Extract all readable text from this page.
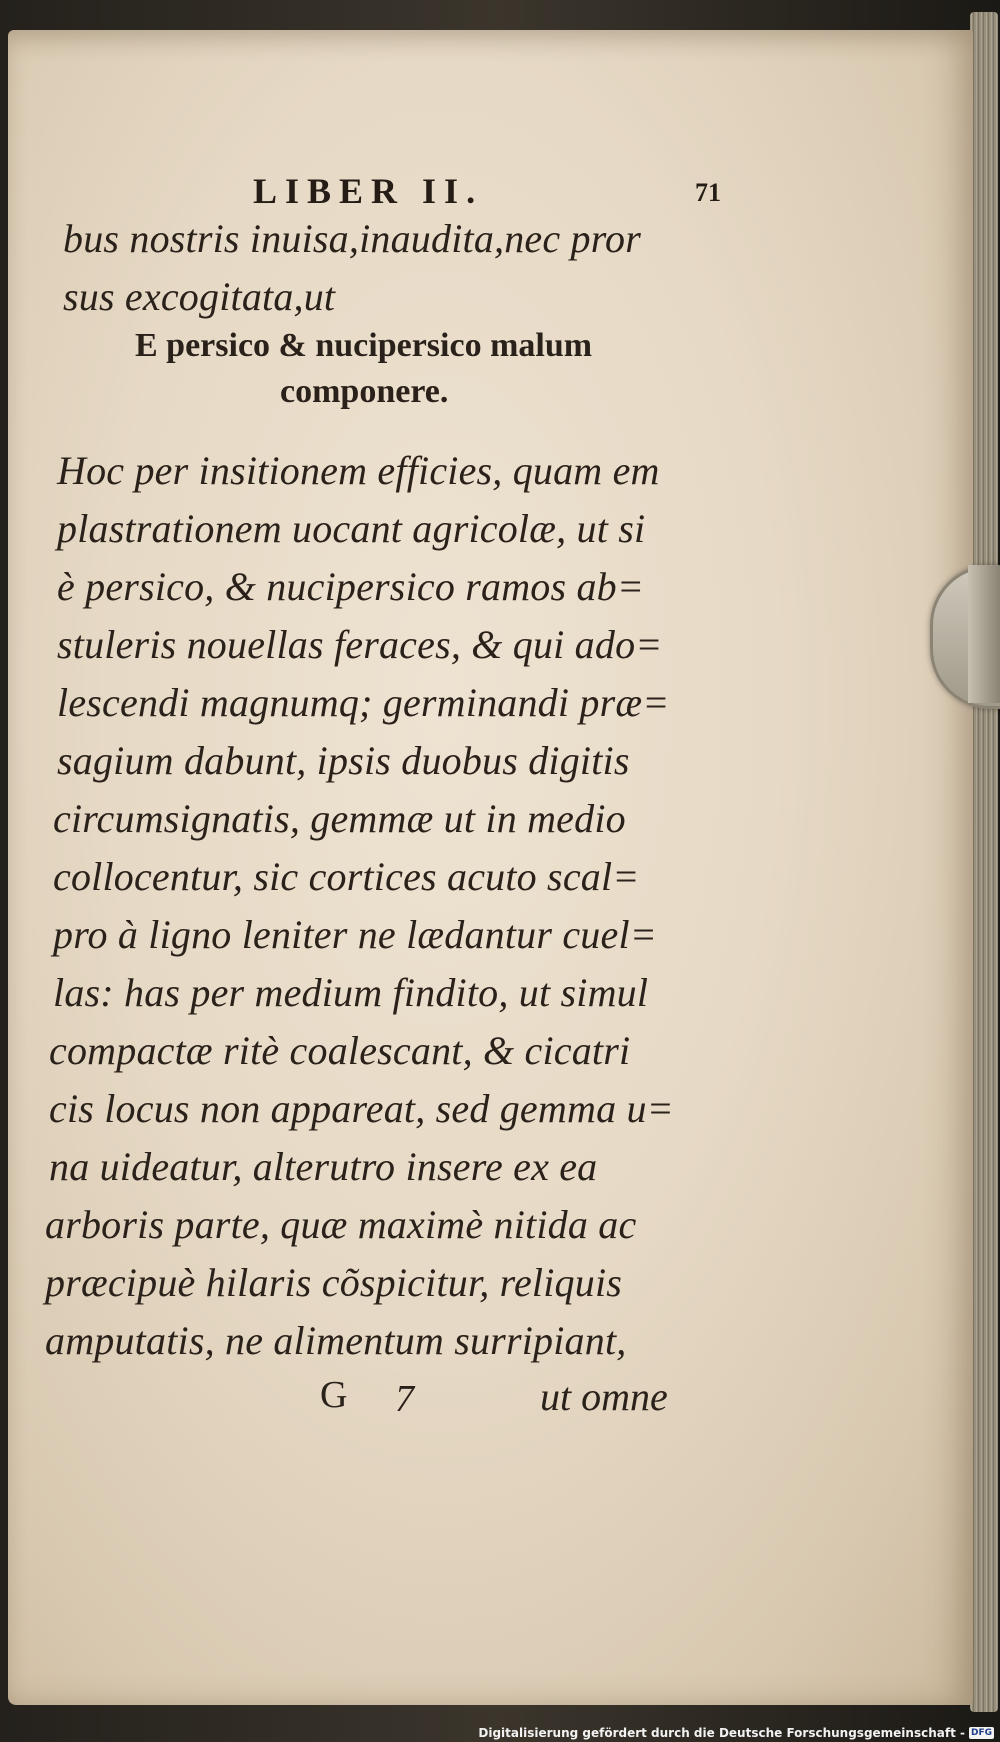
LIBER II.	71
bus nostris inuisa,inaudita,nec pror
sus excogitata,ut
E persico & nucipersico malum
componere.
Hoc per insitionem efficies, quam em
plastrationem uocant agricolæ, ut si
è persico, & nucipersico ramos ab=
stuleris nouellas feraces, & qui ado=
lescendi magnumq; germinandi præ=
sagium dabunt, ipsis duobus digitis
circumsignatis, gemmæ ut in medio
collocentur, sic cortices acuto scal=
pro à ligno leniter ne lædantur cuel=
las: has per medium findito, ut simul
compactæ ritè coalescant, & cicatri
cis locus non appareat, sed gemma u=
na uideatur, alterutro insere ex ea
arboris parte, quæ maximè nitida ac
præcipuè hilaris cõspicitur, reliquis
amputatis, ne alimentum surripiant,
G 7	ut omne
Digitalisierung gefördert durch die Deutsche Forschungsgemeinschaft - DFG
